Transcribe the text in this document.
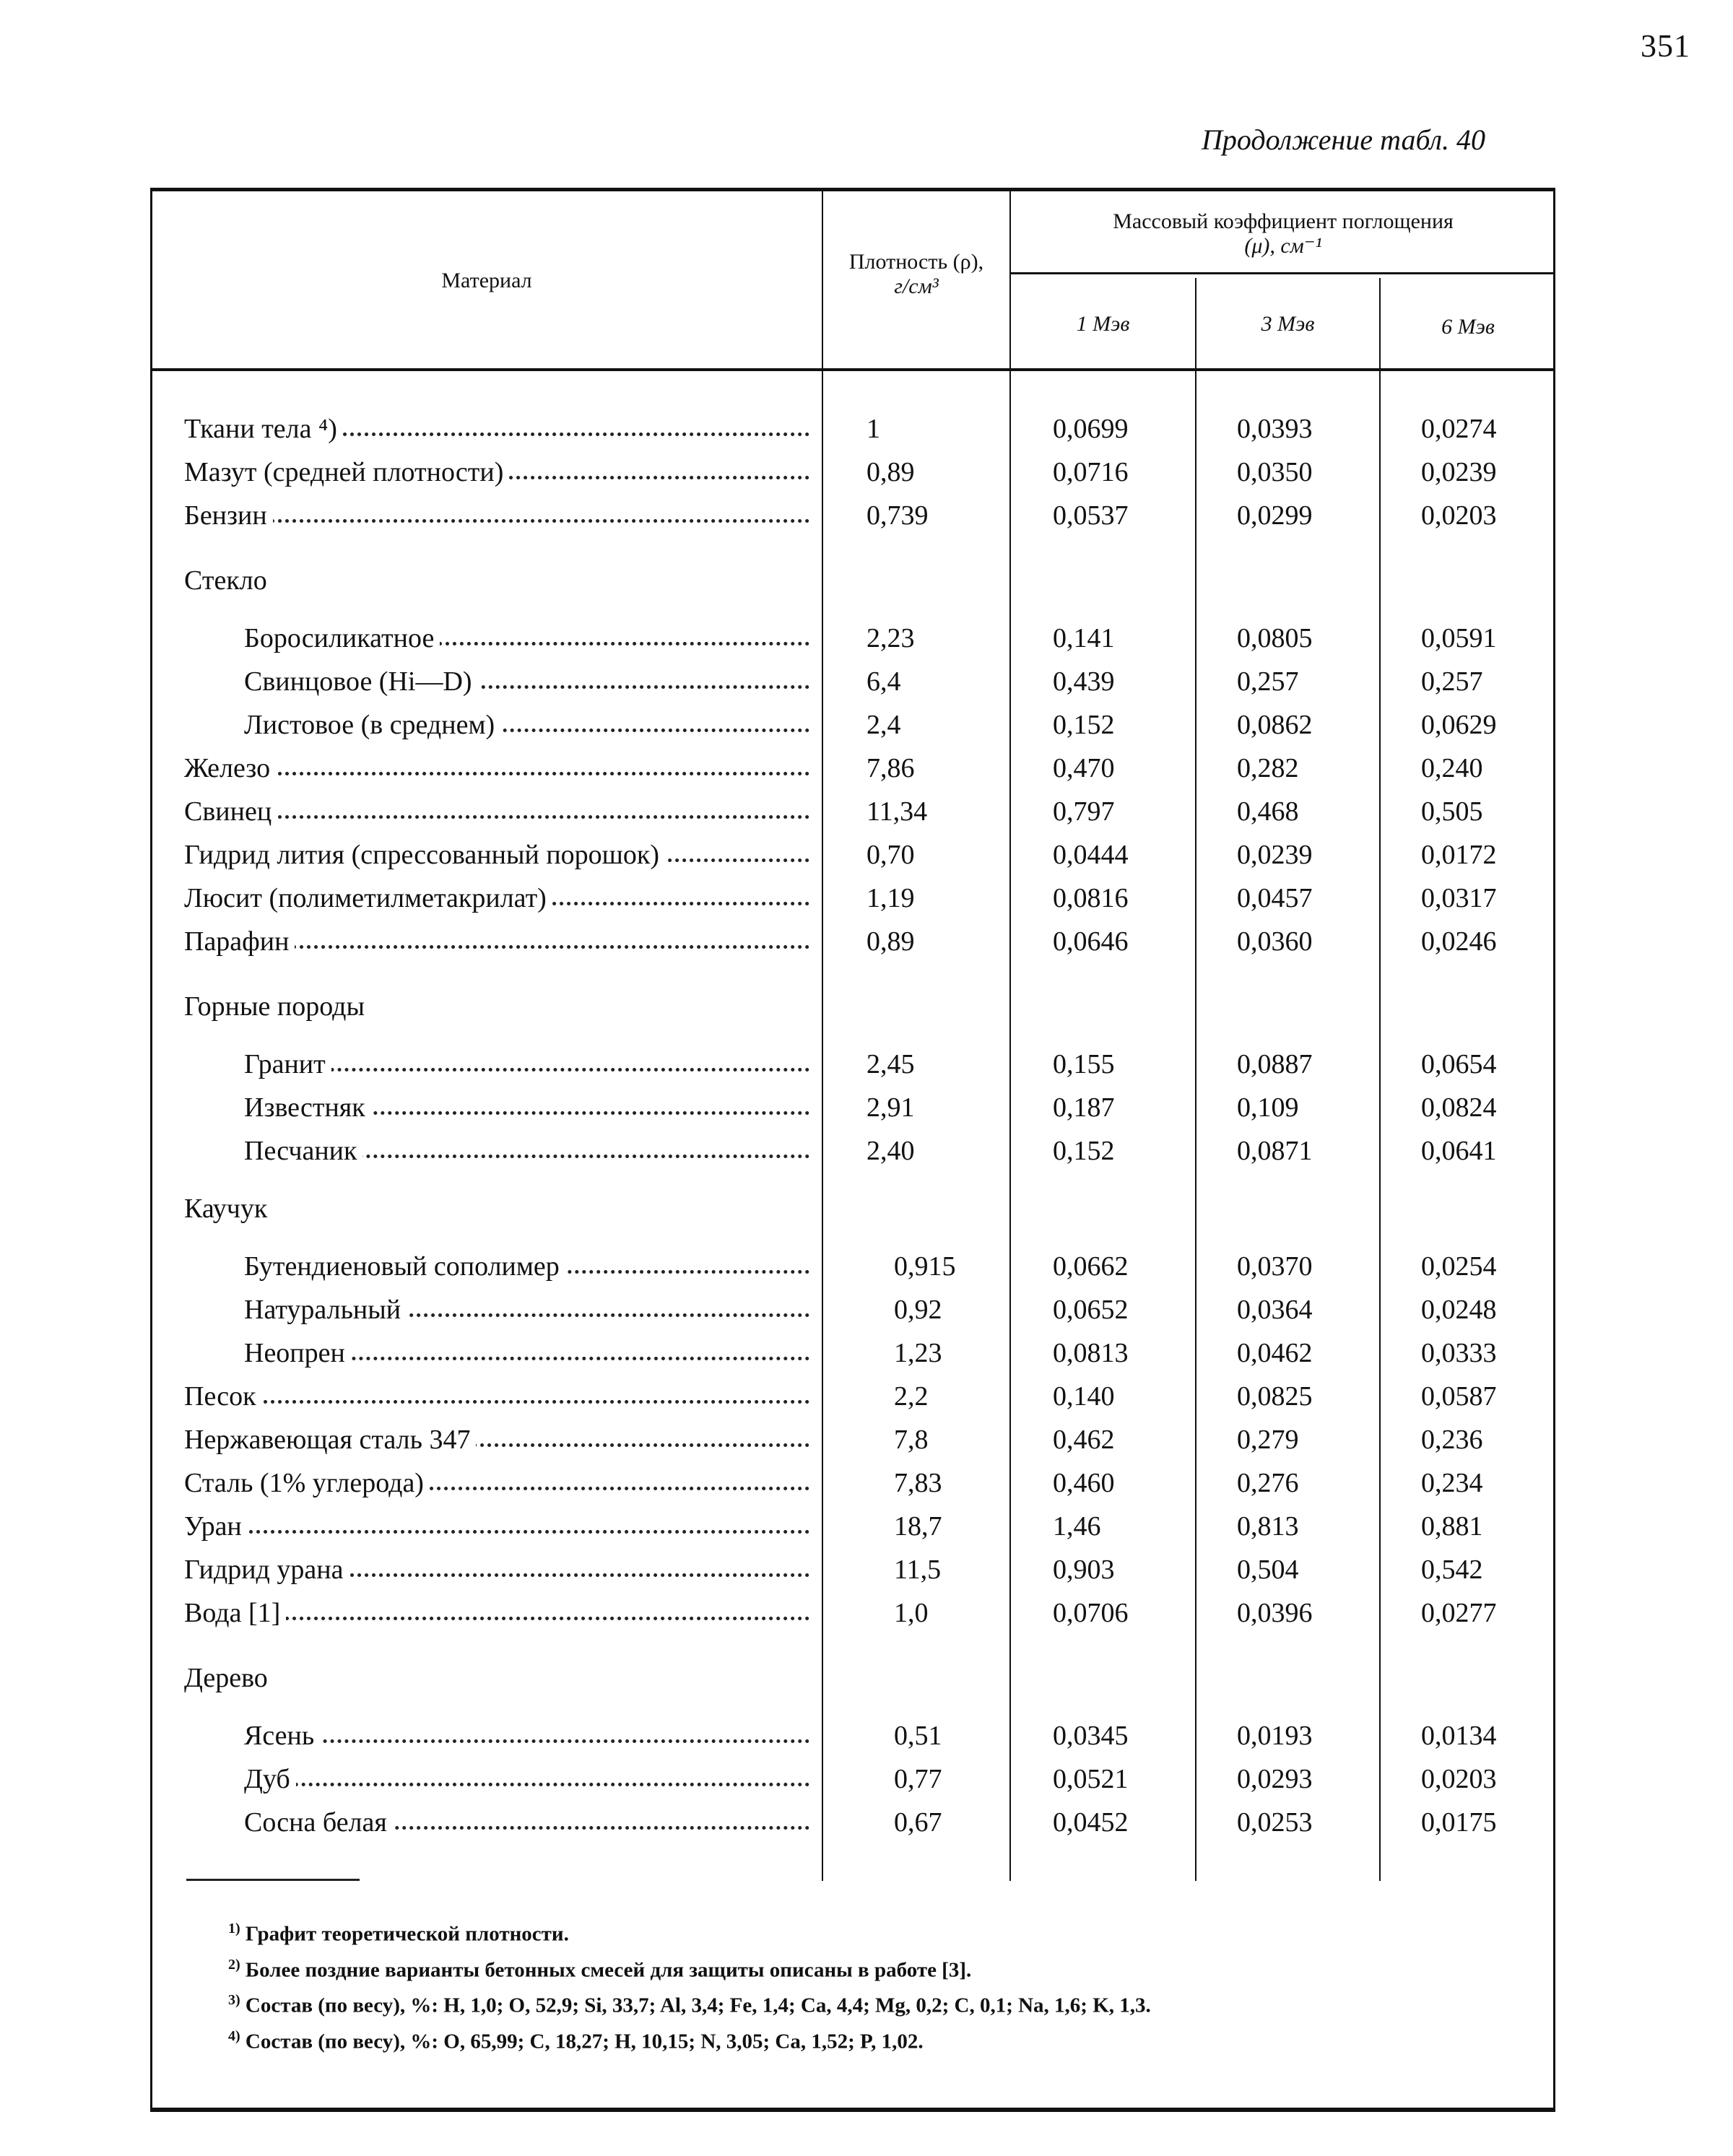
351
Продолжение табл. 40
Материал
Плотность (ρ),
г/см³
Массовый коэффициент поглощения
(μ), см⁻¹
1 Мэв	3 Мэв	6 Мэв
Ткани тела ⁴)	1	0,0699	0,0393	0,0274
Мазут (средней плотности)	0,89	0,0716	0,0350	0,0239
Бензин	0,739	0,0537	0,0299	0,0203
Стекло
Боросиликатное	2,23	0,141	0,0805	0,0591
Свинцовое (Hi—D)	6,4	0,439	0,257	0,257
Листовое (в среднем)	2,4	0,152	0,0862	0,0629
Железо	7,86	0,470	0,282	0,240
Свинец	11,34	0,797	0,468	0,505
Гидрид лития (спрессованный порошок)	0,70	0,0444	0,0239	0,0172
Люсит (полиметилметакрилат)	1,19	0,0816	0,0457	0,0317
Парафин	0,89	0,0646	0,0360	0,0246
Горные породы
Гранит	2,45	0,155	0,0887	0,0654
Известняк	2,91	0,187	0,109	0,0824
Песчаник	2,40	0,152	0,0871	0,0641
Каучук
Бутендиеновый сополимер	0,915	0,0662	0,0370	0,0254
Натуральный	0,92	0,0652	0,0364	0,0248
Неопрен	1,23	0,0813	0,0462	0,0333
Песок	2,2	0,140	0,0825	0,0587
Нержавеющая сталь 347	7,8	0,462	0,279	0,236
Сталь (1% углерода)	7,83	0,460	0,276	0,234
Уран	18,7	1,46	0,813	0,881
Гидрид урана	11,5	0,903	0,504	0,542
Вода [1]	1,0	0,0706	0,0396	0,0277
Дерево
Ясень	0,51	0,0345	0,0193	0,0134
Дуб	0,77	0,0521	0,0293	0,0203
Сосна белая	0,67	0,0452	0,0253	0,0175
$^{1)}$ Графит теоретической плотности.
$^{2)}$ Более поздние варианты бетонных смесей для защиты описаны в работе [3].
$^{3)}$ Состав (по весу), %: H, 1,0; O, 52,9; Si, 33,7; Al, 3,4; Fe, 1,4; Ca, 4,4; Mg, 0,2; C, 0,1; Na, 1,6; K, 1,3.
$^{4)}$ Состав (по весу), %: O, 65,99; C, 18,27; H, 10,15; N, 3,05; Ca, 1,52; P, 1,02.
